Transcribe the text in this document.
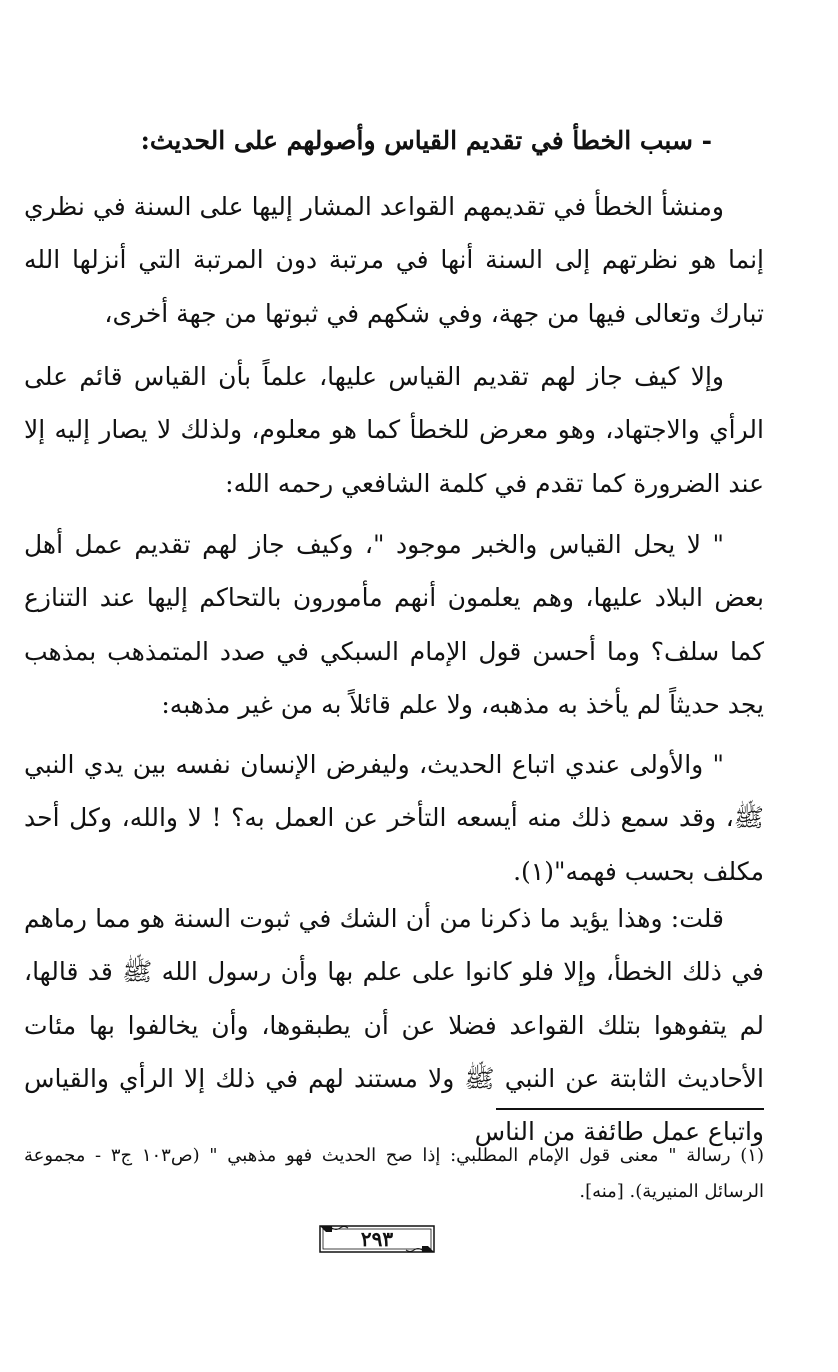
- سبب الخطأ في تقديم القياس وأصولهم على الحديث:
ومنشأ الخطأ في تقديمهم القواعد المشار إليها على السنة في نظري إنما هو نظرتهم إلى السنة أنها في مرتبة دون المرتبة التي أنزلها الله تبارك وتعالى فيها من جهة، وفي شكهم في ثبوتها من جهة أخرى،
وإلا كيف جاز لهم تقديم القياس عليها، علماً بأن القياس قائم على الرأي والاجتهاد، وهو معرض للخطأ كما هو معلوم، ولذلك لا يصار إليه إلا عند الضرورة كما تقدم في كلمة الشافعي رحمه الله:
" لا يحل القياس والخبر موجود "، وكيف جاز لهم تقديم عمل أهل بعض البلاد عليها، وهم يعلمون أنهم مأمورون بالتحاكم إليها عند التنازع كما سلف؟ وما أحسن قول الإمام السبكي في صدد المتمذهب بمذهب يجد حديثاً لم يأخذ به مذهبه، ولا علم قائلاً به من غير مذهبه:
" والأولى عندي اتباع الحديث، وليفرض الإنسان نفسه بين يدي النبي ﷺ، وقد سمع ذلك منه أيسعه التأخر عن العمل به؟ ! لا والله، وكل أحد مكلف بحسب فهمه"(١).
قلت: وهذا يؤيد ما ذكرنا من أن الشك في ثبوت السنة هو مما رماهم في ذلك الخطأ، وإلا فلو كانوا على علم بها وأن رسول الله ﷺ قد قالها، لم يتفوهوا بتلك القواعد فضلا عن أن يطبقوها، وأن يخالفوا بها مئات الأحاديث الثابتة عن النبي ﷺ ولا مستند لهم في ذلك إلا الرأي والقياس واتباع عمل طائفة من الناس
(١) رسالة " معنى قول الإمام المطلبي: إذا صح الحديث فهو مذهبي " (ص١٠٣ ج٣ - مجموعة الرسائل المنيرية). [منه].
٢٩٣
